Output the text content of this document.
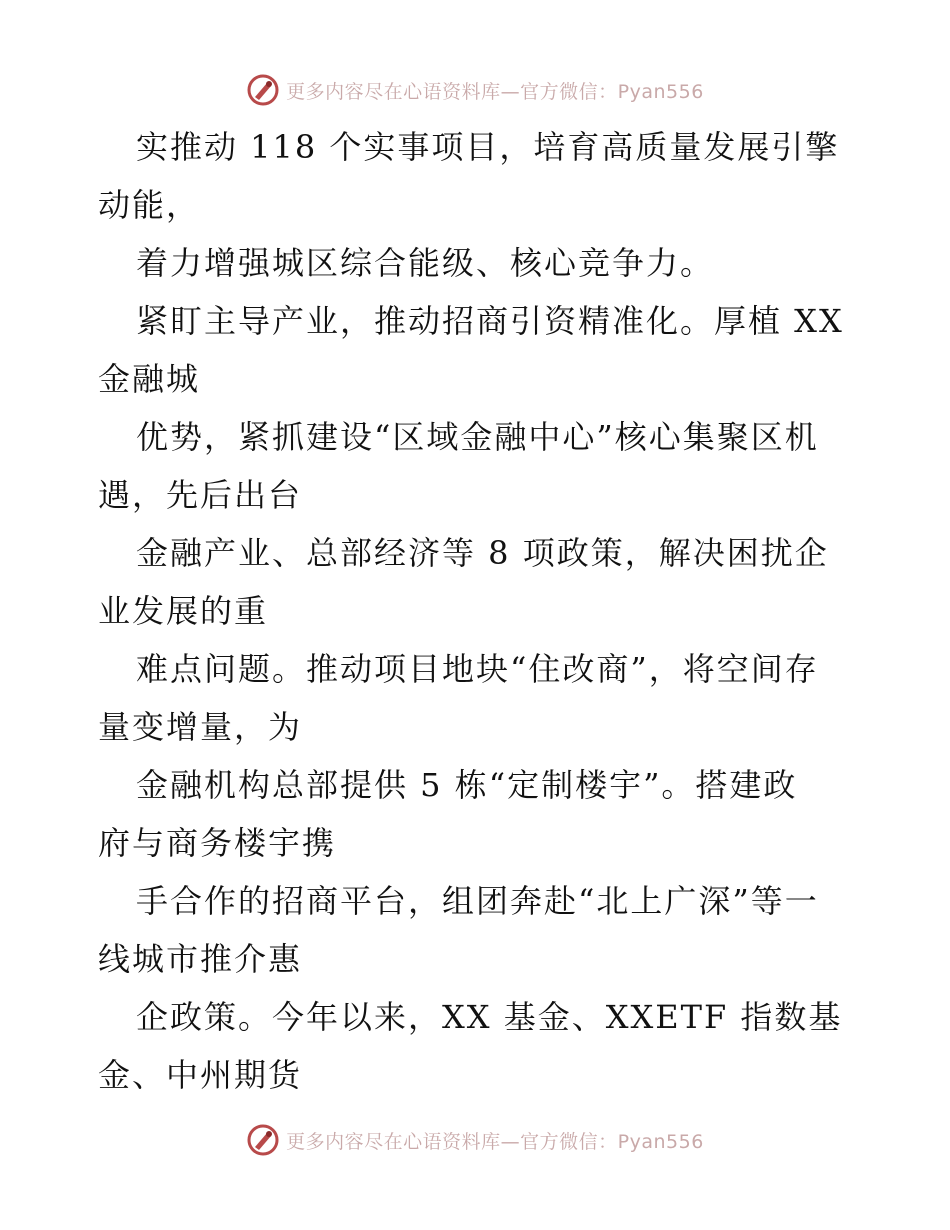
更多内容尽在心语资料库—官方微信：Pyan556
实推动 118 个实事项目，培育高质量发展引擎
动能，
着力增强城区综合能级、核心竞争力。
紧盯主导产业，推动招商引资精准化。厚植 XX
金融城
优势，紧抓建设“区域金融中心”核心集聚区机
遇，先后出台
金融产业、总部经济等 8 项政策，解决困扰企
业发展的重
难点问题。推动项目地块“住改商”，将空间存
量变增量，为
金融机构总部提供 5 栋“定制楼宇”。搭建政
府与商务楼宇携
手合作的招商平台，组团奔赴“北上广深”等一
线城市推介惠
企政策。今年以来，XX 基金、XXETF 指数基
金、中州期货
更多内容尽在心语资料库—官方微信：Pyan556
